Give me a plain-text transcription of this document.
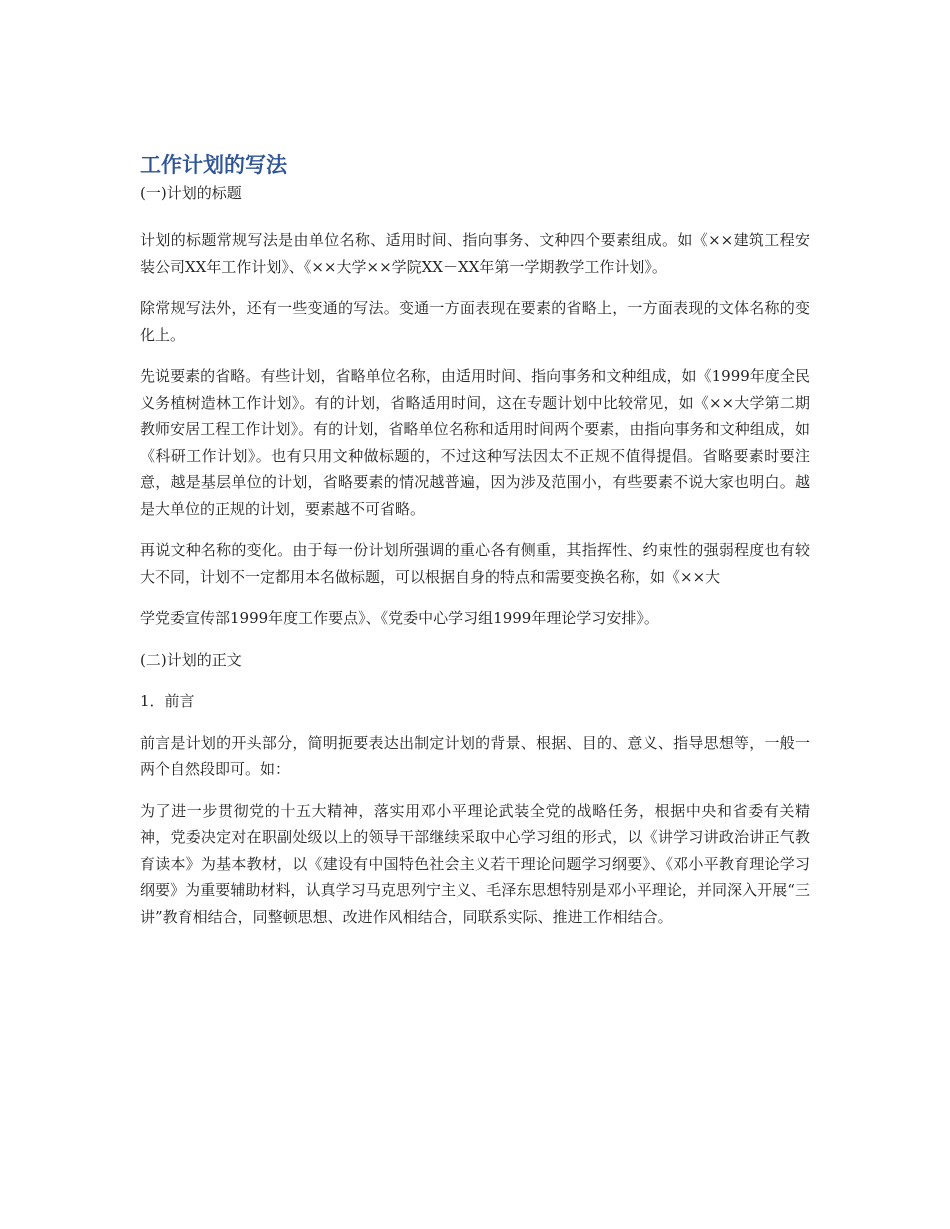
工作计划的写法
(一)计划的标题

计划的标题常规写法是由单位名称、适用时间、指向事务、文种四个要素组成。如《××建筑工程安装公司XX年工作计划》、《××大学××学院XX－XX年第一学期教学工作计划》。

除常规写法外，还有一些变通的写法。变通一方面表现在要素的省略上，一方面表现的文体名称的变化上。

先说要素的省略。有些计划，省略单位名称，由适用时间、指向事务和文种组成，如《1999年度全民义务植树造林工作计划》。有的计划，省略适用时间，这在专题计划中比较常见，如《××大学第二期教师安居工程工作计划》。有的计划，省略单位名称和适用时间两个要素，由指向事务和文种组成，如《科研工作计划》。也有只用文种做标题的，不过这种写法因太不正规不值得提倡。省略要素时要注意，越是基层单位的计划，省略要素的情况越普遍，因为涉及范围小，有些要素不说大家也明白。越是大单位的正规的计划，要素越不可省略。

再说文种名称的变化。由于每一份计划所强调的重心各有侧重，其指挥性、约束性的强弱程度也有较大不同，计划不一定都用本名做标题，可以根据自身的特点和需要变换名称，如《××大

学党委宣传部1999年度工作要点》、《党委中心学习组1999年理论学习安排》。

(二)计划的正文
1．前言

前言是计划的开头部分，简明扼要表达出制定计划的背景、根据、目的、意义、指导思想等，一般一两个自然段即可。如：

为了进一步贯彻党的十五大精神，落实用邓小平理论武装全党的战略任务，根据中央和省委有关精神，党委决定对在职副处级以上的领导干部继续采取中心学习组的形式，以《讲学习讲政治讲正气教育读本》为基本教材，以《建设有中国特色社会主义若干理论问题学习纲要》、《邓小平教育理论学习纲要》为重要辅助材料，认真学习马克思列宁主义、毛泽东思想特别是邓小平理论，并同深入开展“三讲”教育相结合，同整顿思想、改进作风相结合，同联系实际、推进工作相结合。
